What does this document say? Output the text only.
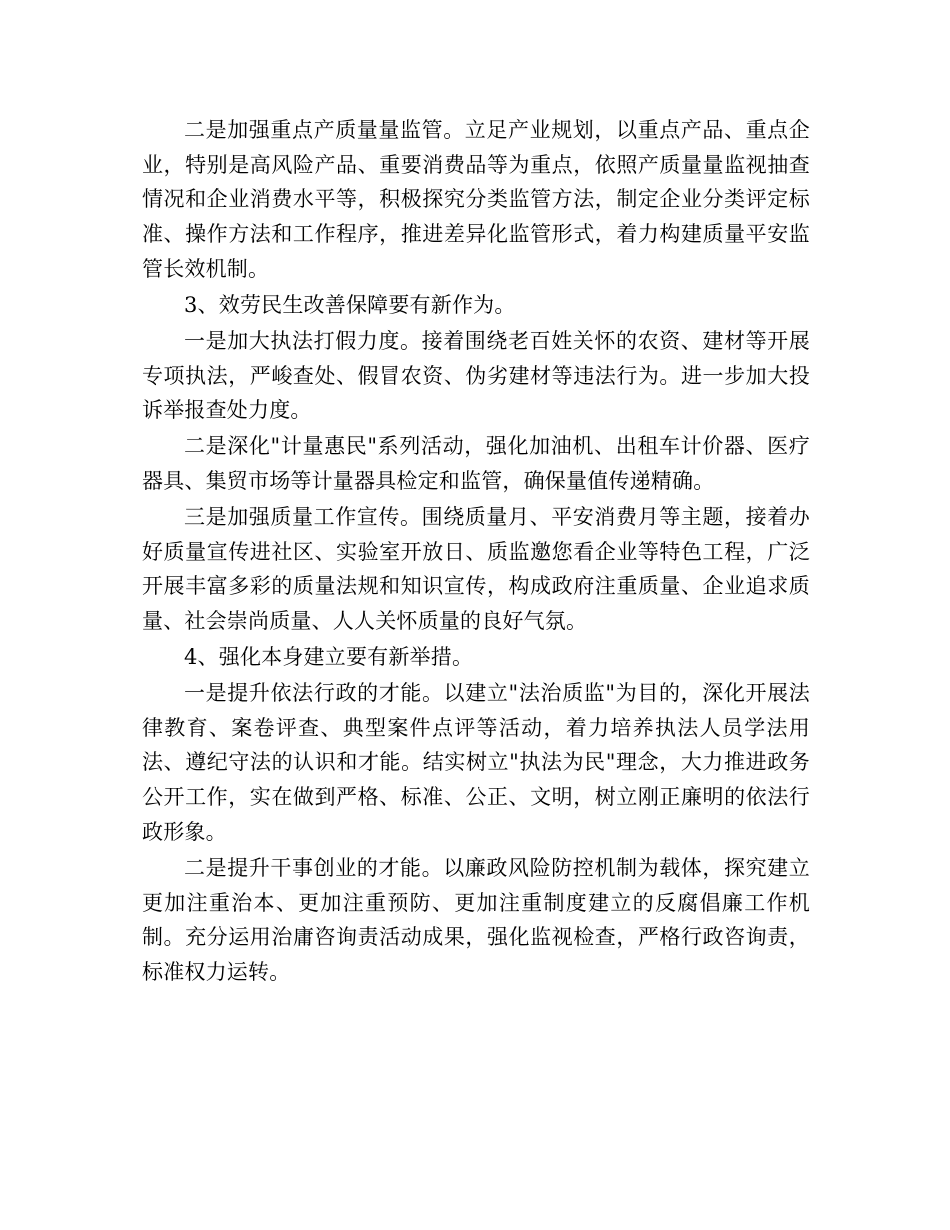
二是加强重点产质量量监管。立足产业规划，以重点产品、重点企业，特别是高风险产品、重要消费品等为重点，依照产质量量监视抽查情况和企业消费水平等，积极探究分类监管方法，制定企业分类评定标准、操作方法和工作程序，推进差异化监管形式，着力构建质量平安监管长效机制。

3、效劳民生改善保障要有新作为。

一是加大执法打假力度。接着围绕老百姓关怀的农资、建材等开展专项执法，严峻查处、假冒农资、伪劣建材等违法行为。进一步加大投诉举报查处力度。

二是深化"计量惠民"系列活动，强化加油机、出租车计价器、医疗器具、集贸市场等计量器具检定和监管，确保量值传递精确。

三是加强质量工作宣传。围绕质量月、平安消费月等主题，接着办好质量宣传进社区、实验室开放日、质监邀您看企业等特色工程，广泛开展丰富多彩的质量法规和知识宣传，构成政府注重质量、企业追求质量、社会崇尚质量、人人关怀质量的良好气氛。

4、强化本身建立要有新举措。

一是提升依法行政的才能。以建立"法治质监"为目的，深化开展法律教育、案卷评查、典型案件点评等活动，着力培养执法人员学法用法、遵纪守法的认识和才能。结实树立"执法为民"理念，大力推进政务公开工作，实在做到严格、标准、公正、文明，树立刚正廉明的依法行政形象。

二是提升干事创业的才能。以廉政风险防控机制为载体，探究建立更加注重治本、更加注重预防、更加注重制度建立的反腐倡廉工作机制。充分运用治庸咨询责活动成果，强化监视检查，严格行政咨询责，标准权力运转。
